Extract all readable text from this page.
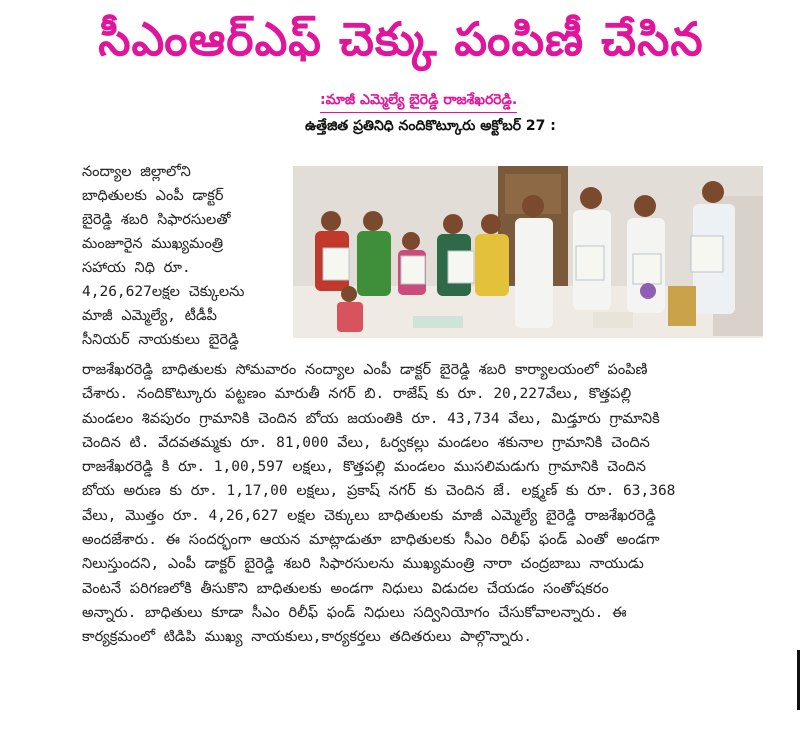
సీఎంఆర్ఎఫ్ చెక్కు పంపిణీ చేసిన
:మాజీ ఎమ్మెల్యే బైరెడ్డి రాజశేఖరరెడ్డి.
ఉత్తేజిత ప్రతినిధి నందికొట్కూరు అక్టోబర్ 27 :
నంద్యాల జిల్లాలోని
బాధితులకు ఎంపీ డాక్టర్
బైరెడ్డి శబరి సిఫారసులతో
మంజూరైన ముఖ్యమంత్రి
సహాయ నిధి రూ.
4,26,627లక్షల చెక్కులను
మాజీ ఎమ్మెల్యే, టీడీపీ
సీనియర్ నాయకులు బైరెడ్డి
రాజశేఖరరెడ్డి బాధితులకు సోమవారం నంద్యాల ఎంపీ డాక్టర్ బైరెడ్డి శబరి కార్యాలయంలో పంపిణి
చేశారు. నందికొట్కూరు పట్టణం మారుతీ నగర్ బి. రాజేష్ కు రూ. 20,227వేలు, కొత్తపల్లి
మండలం శివపురం గ్రామానికి చెందిన బోయ జయంతికి రూ. 43,734 వేలు, మిడ్తూరు గ్రామానికి
చెందిన టి. వేదవతమ్మకు రూ. 81,000 వేలు, ఓర్వకల్లు మండలం శకునాల గ్రామానికి చెందిన
రాజశేఖరరెడ్డి కి రూ. 1,00,597 లక్షలు, కొత్తపల్లి మండలం ముసలిమడుగు గ్రామానికి చెందిన
బోయ అరుణ కు రూ. 1,17,00 లక్షలు, ప్రకాష్ నగర్ కు చెందిన జే. లక్ష్మణ్ కు రూ. 63,368
వేలు, మొత్తం రూ. 4,26,627 లక్షల చెక్కులు బాధితులకు మాజీ ఎమ్మెల్యే బైరెడ్డి రాజశేఖరరెడ్డి
అందజేశారు. ఈ సందర్భంగా ఆయన మాట్లాడుతూ బాధితులకు సీఎం రిలీఫ్ ఫండ్ ఎంతో అండగా
నిలుస్తుందని, ఎంపీ డాక్టర్ బైరెడ్డి శబరి సిఫారసులను ముఖ్యమంత్రి నారా చంద్రబాబు నాయుడు
వెంటనే పరిగణలోకి తీసుకొని బాధితులకు అండగా నిధులు విడుదల చేయడం సంతోషకరం
అన్నారు. బాధితులు కూడా సీఎం రిలీఫ్ ఫండ్ నిధులు సద్వినియోగం చేసుకోవాలన్నారు. ఈ
కార్యక్రమంలో టిడిపి ముఖ్య నాయకులు,కార్యకర్తలు తదితరులు పాల్గొన్నారు.
